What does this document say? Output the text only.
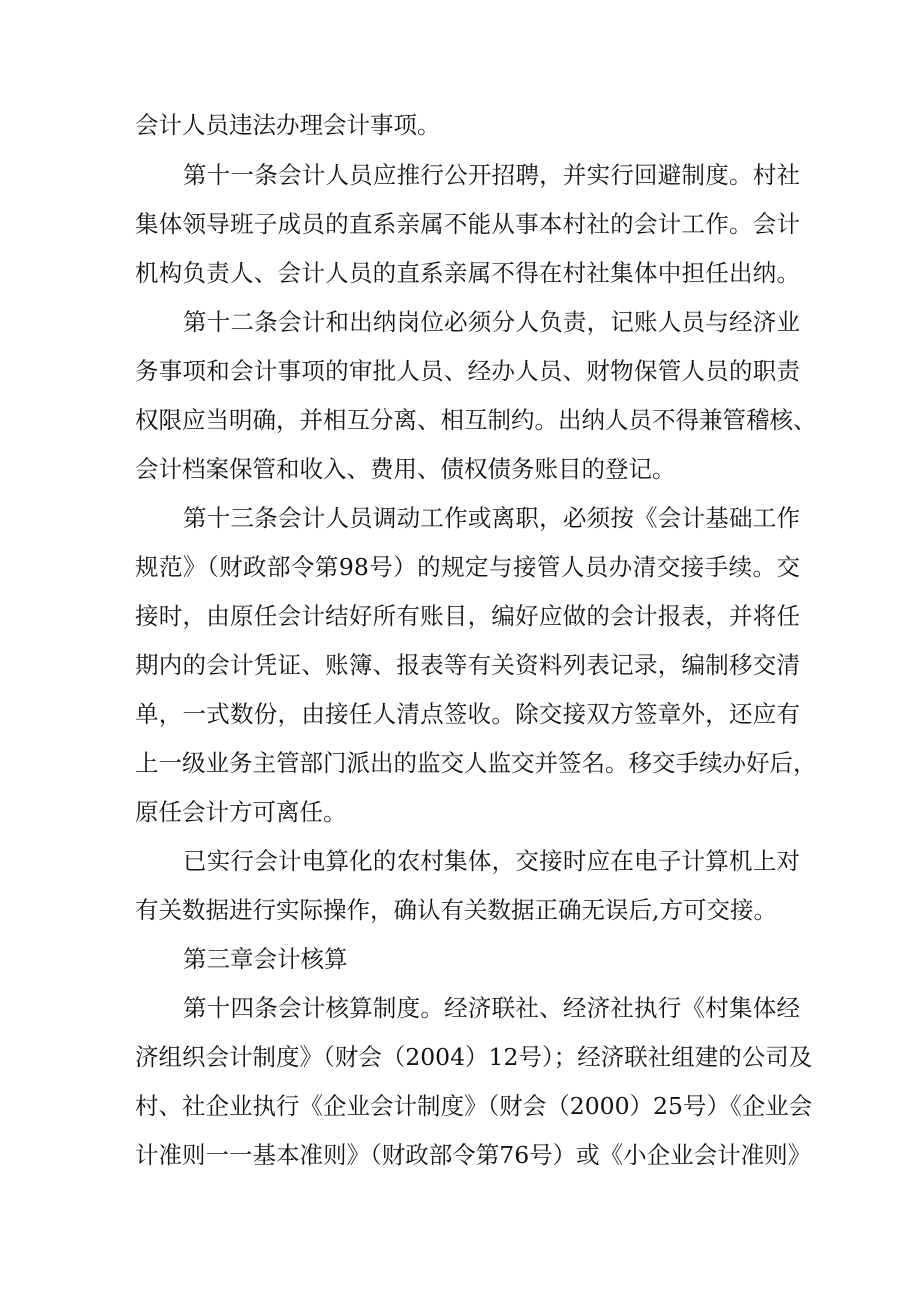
会计人员违法办理会计事项。

第十一条会计人员应推行公开招聘，并实行回避制度。村社

集体领导班子成员的直系亲属不能从事本村社的会计工作。会计

机构负责人、会计人员的直系亲属不得在村社集体中担任出纳。

第十二条会计和出纳岗位必须分人负责，记账人员与经济业

务事项和会计事项的审批人员、经办人员、财物保管人员的职责

权限应当明确，并相互分离、相互制约。出纳人员不得兼管稽核、

会计档案保管和收入、费用、债权债务账目的登记。

第十三条会计人员调动工作或离职，必须按《会计基础工作

规范》（财政部令第98号）的规定与接管人员办清交接手续。交

接时，由原任会计结好所有账目，编好应做的会计报表，并将任

期内的会计凭证、账簿、报表等有关资料列表记录，编制移交清

单，一式数份，由接任人清点签收。除交接双方签章外，还应有

上一级业务主管部门派出的监交人监交并签名。移交手续办好后，

原任会计方可离任。

已实行会计电算化的农村集体，交接时应在电子计算机上对

有关数据进行实际操作，确认有关数据正确无误后,方可交接。

第三章会计核算

第十四条会计核算制度。经济联社、经济社执行《村集体经

济组织会计制度》（财会（2004）12号）；经济联社组建的公司及

村、社企业执行《企业会计制度》（财会（2000）25号）《企业会

计准则一一基本准则》（财政部令第76号）或《小企业会计准则》
